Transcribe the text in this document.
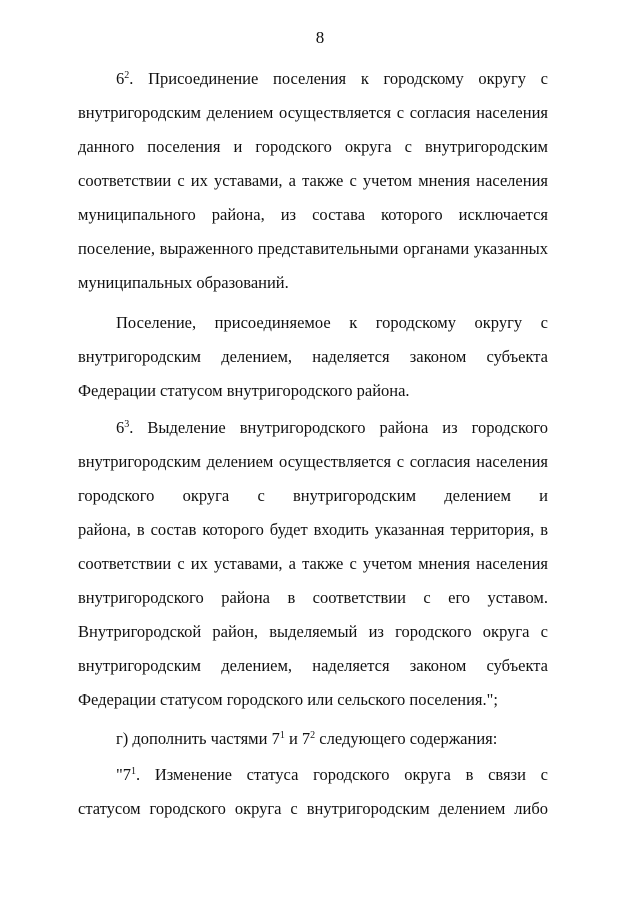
8
$6^2$. Присоединение поселения к городскому округу с
внутригородским делением осуществляется с согласия населения
данного поселения и городского округа с внутригородским
соответствии с их уставами, а также с учетом мнения населения
муниципального района, из состава которого исключается
поселение, выраженного представительными органами указанных
муниципальных образований.
Поселение, присоединяемое к городскому округу с
внутригородским делением, наделяется законом субъекта
Федерации статусом внутригородского района.
$6^3$. Выделение внутригородского района из городского
внутригородским делением осуществляется с согласия населения
городского округа с внутригородским делением и
района, в состав которого будет входить указанная территория, в
соответствии с их уставами, а также с учетом мнения населения
внутригородского района в соответствии с его уставом.
Внутригородской район, выделяемый из городского округа с
внутригородским делением, наделяется законом субъекта
Федерации статусом городского или сельского поселения.";
г) дополнить частями $7^1$ и $7^2$ следующего содержания:
"$7^1$. Изменение статуса городского округа в связи с
статусом городского округа с внутригородским делением либо
